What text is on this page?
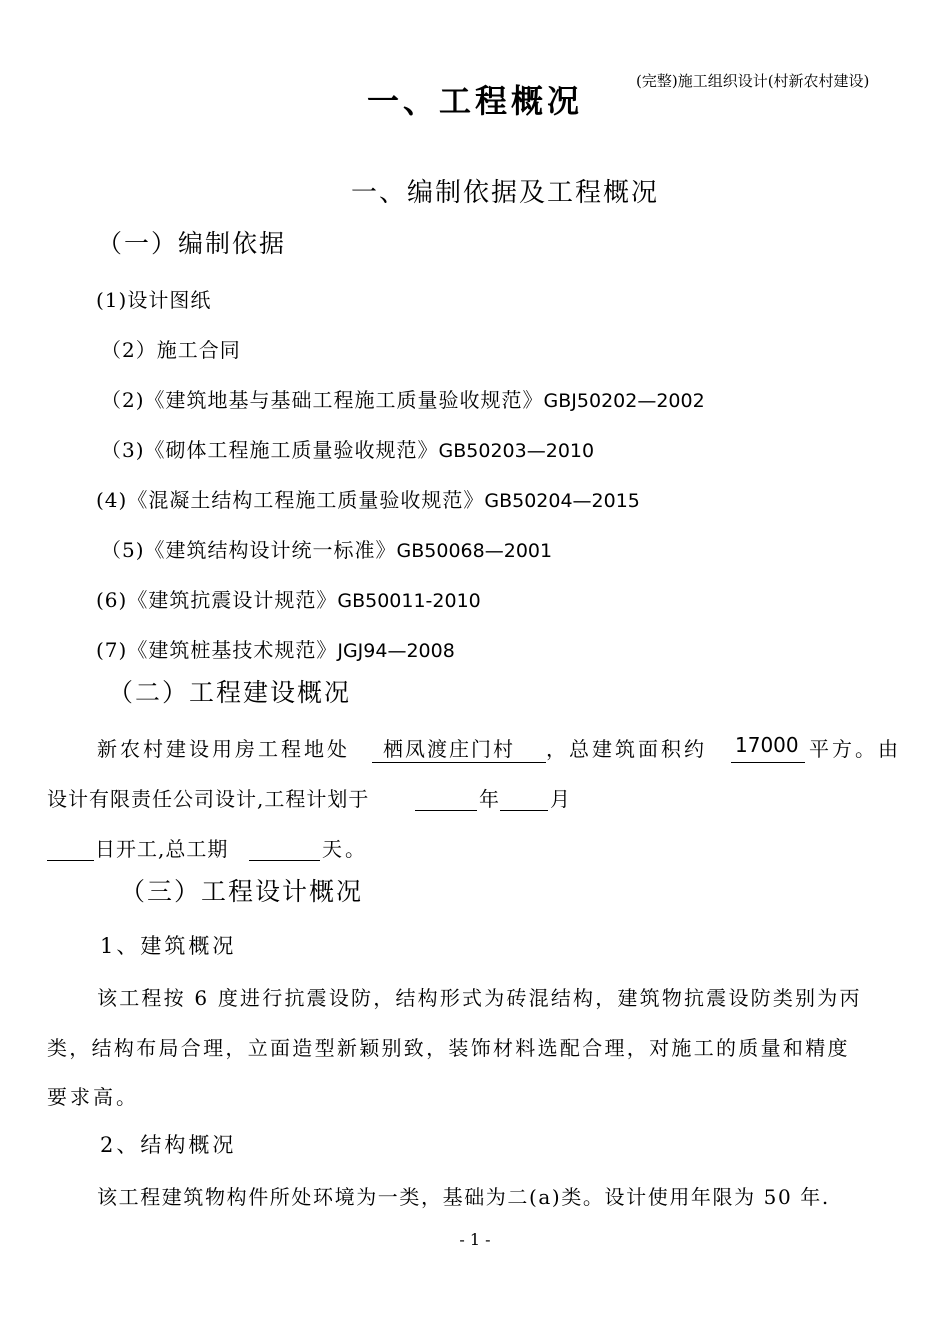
(完整)施工组织设计(村新农村建设)
一、工程概况
一、编制依据及工程概况
（一）编制依据
(1)设计图纸
（2）施工合同
（2)《建筑地基与基础工程施工质量验收规范》GBJ50202—2002
（3)《砌体工程施工质量验收规范》GB50203—2010
(4)《混凝土结构工程施工质量验收规范》GB50204—2015
（5)《建筑结构设计统一标准》GB50068—2001
(6)《建筑抗震设计规范》GB50011-2010
(7)《建筑桩基技术规范》JGJ94—2008
（二）工程建设概况
新农村建设用房工程地处 栖凤渡庄门村 ，总建筑面积约 17000 平方。由
设计有限责任公司设计,工程计划于	年 月
日开工,总工期	天。
（三）工程设计概况
1、建筑概况
该工程按 6 度进行抗震设防，结构形式为砖混结构，建筑物抗震设防类别为丙
类，结构布局合理，立面造型新颖别致，装饰材料选配合理，对施工的质量和精度
要求高。
2、结构概况
该工程建筑物构件所处环境为一类，基础为二(a)类。设计使用年限为 50 年.
- 1 -
